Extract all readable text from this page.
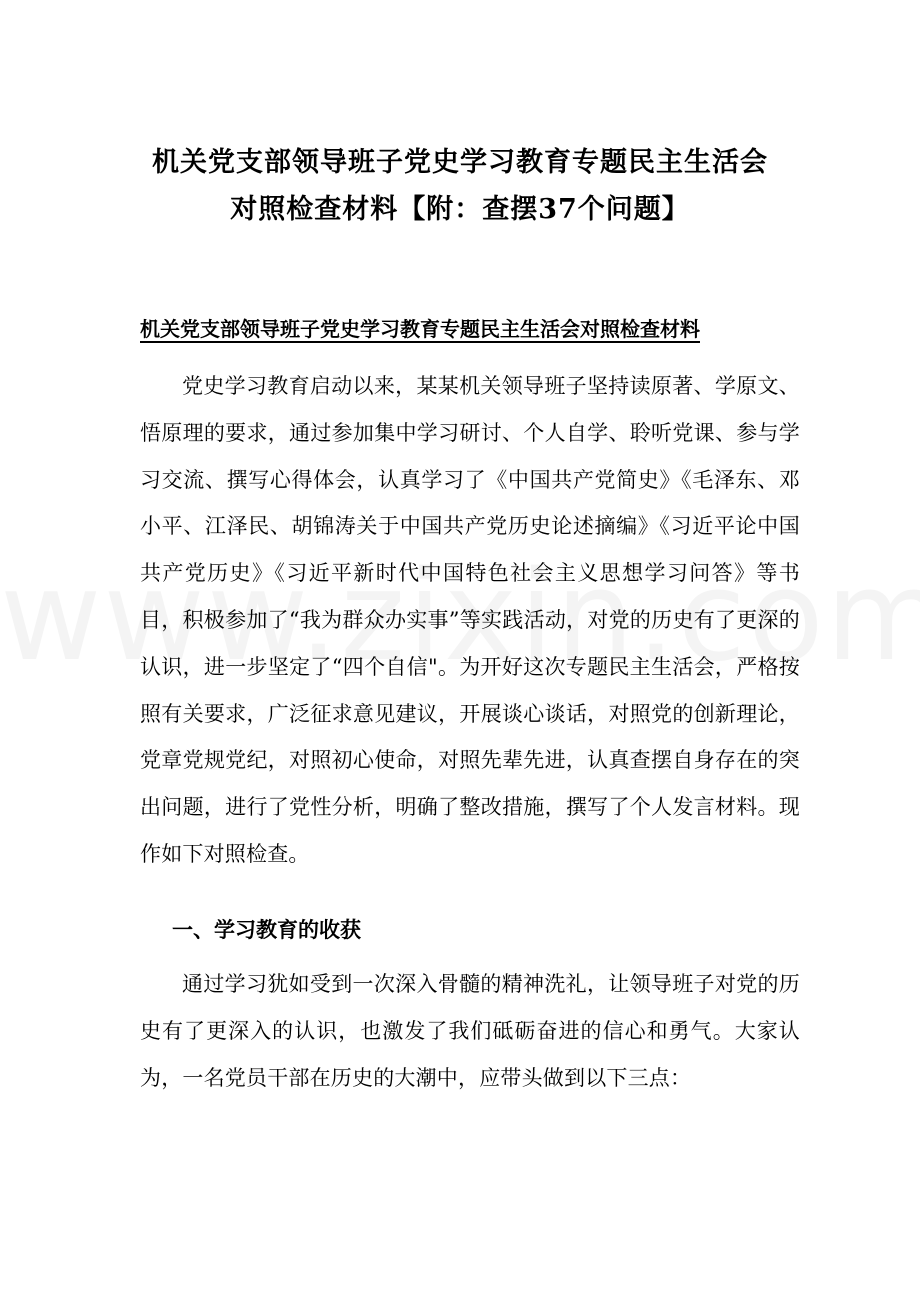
机关党支部领导班子党史学习教育专题民主生活会
对照检查材料【附：查摆37个问题】
机关党支部领导班子党史学习教育专题民主生活会对照检查材料

党史学习教育启动以来，某某机关领导班子坚持读原著、学原文、悟原理的要求，通过参加集中学习研讨、个人自学、聆听党课、参与学习交流、撰写心得体会，认真学习了《中国共产党简史》《毛泽东、邓小平、江泽民、胡锦涛关于中国共产党历史论述摘编》《习近平论中国共产党历史》《习近平新时代中国特色社会主义思想学习问答》等书目，积极参加了“我为群众办实事”等实践活动，对党的历史有了更深的认识，进一步坚定了“四个自信"。为开好这次专题民主生活会，严格按照有关要求，广泛征求意见建议，开展谈心谈话，对照党的创新理论，党章党规党纪，对照初心使命，对照先辈先进，认真查摆自身存在的突出问题，进行了党性分析，明确了整改措施，撰写了个人发言材料。现作如下对照检查。

一、学习教育的收获

通过学习犹如受到一次深入骨髓的精神洗礼，让领导班子对党的历史有了更深入的认识，也激发了我们砥砺奋进的信心和勇气。大家认为，一名党员干部在历史的大潮中，应带头做到以下三点：
